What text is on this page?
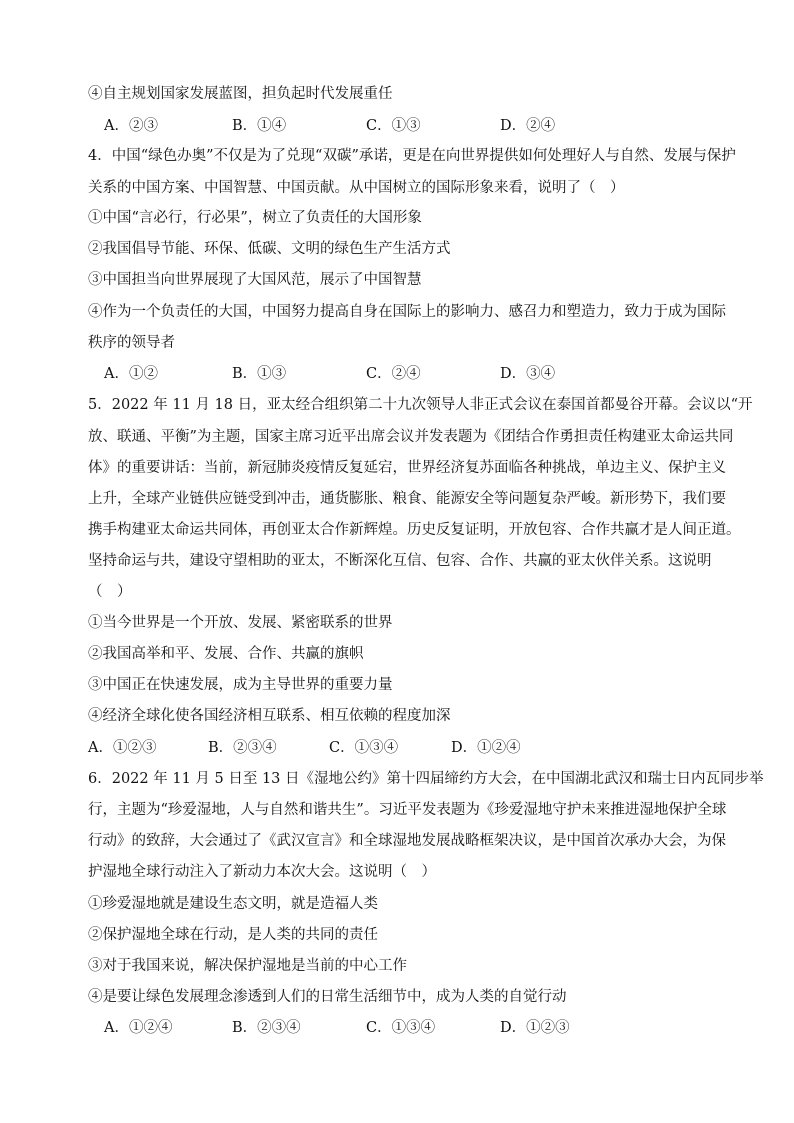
④自主规划国家发展蓝图，担负起时代发展重任
A．②③	B．①④	C．①③	D．②④
4．中国“绿色办奥”不仅是为了兑现“双碳”承诺，更是在向世界提供如何处理好人与自然、发展与保护
关系的中国方案、中国智慧、中国贡献。从中国树立的国际形象来看，说明了（　）
①中国“言必行，行必果”，树立了负责任的大国形象
②我国倡导节能、环保、低碳、文明的绿色生产生活方式
③中国担当向世界展现了大国风范，展示了中国智慧
④作为一个负责任的大国，中国努力提高自身在国际上的影响力、感召力和塑造力，致力于成为国际
秩序的领导者
A．①②	B．①③	C．②④	D．③④
5．2022 年 11 月 18 日，亚太经合组织第二十九次领导人非正式会议在泰国首都曼谷开幕。会议以“开
放、联通、平衡”为主题，国家主席习近平出席会议并发表题为《团结合作勇担责任构建亚太命运共同
体》的重要讲话：当前，新冠肺炎疫情反复延宕，世界经济复苏面临各种挑战，单边主义、保护主义
上升，全球产业链供应链受到冲击，通货膨胀、粮食、能源安全等问题复杂严峻。新形势下，我们要
携手构建亚太命运共同体，再创亚太合作新辉煌。历史反复证明，开放包容、合作共赢才是人间正道。
坚持命运与共，建设守望相助的亚太，不断深化互信、包容、合作、共赢的亚太伙伴关系。这说明
（　）
①当今世界是一个开放、发展、紧密联系的世界
②我国高举和平、发展、合作、共赢的旗帜
③中国正在快速发展，成为主导世界的重要力量
④经济全球化使各国经济相互联系、相互依赖的程度加深
A．①②③	B．②③④	C．①③④	D．①②④
6．2022 年 11 月 5 日至 13 日《湿地公约》第十四届缔约方大会，在中国湖北武汉和瑞士日内瓦同步举
行，主题为“珍爱湿地，人与自然和谐共生”。习近平发表题为《珍爱湿地守护未来推进湿地保护全球
行动》的致辞，大会通过了《武汉宣言》和全球湿地发展战略框架决议，是中国首次承办大会，为保
护湿地全球行动注入了新动力本次大会。这说明（　）
①珍爱湿地就是建设生态文明，就是造福人类
②保护湿地全球在行动，是人类的共同的责任
③对于我国来说，解决保护湿地是当前的中心工作
④是要让绿色发展理念渗透到人们的日常生活细节中，成为人类的自觉行动
A．①②④	B．②③④	C．①③④	D．①②③
